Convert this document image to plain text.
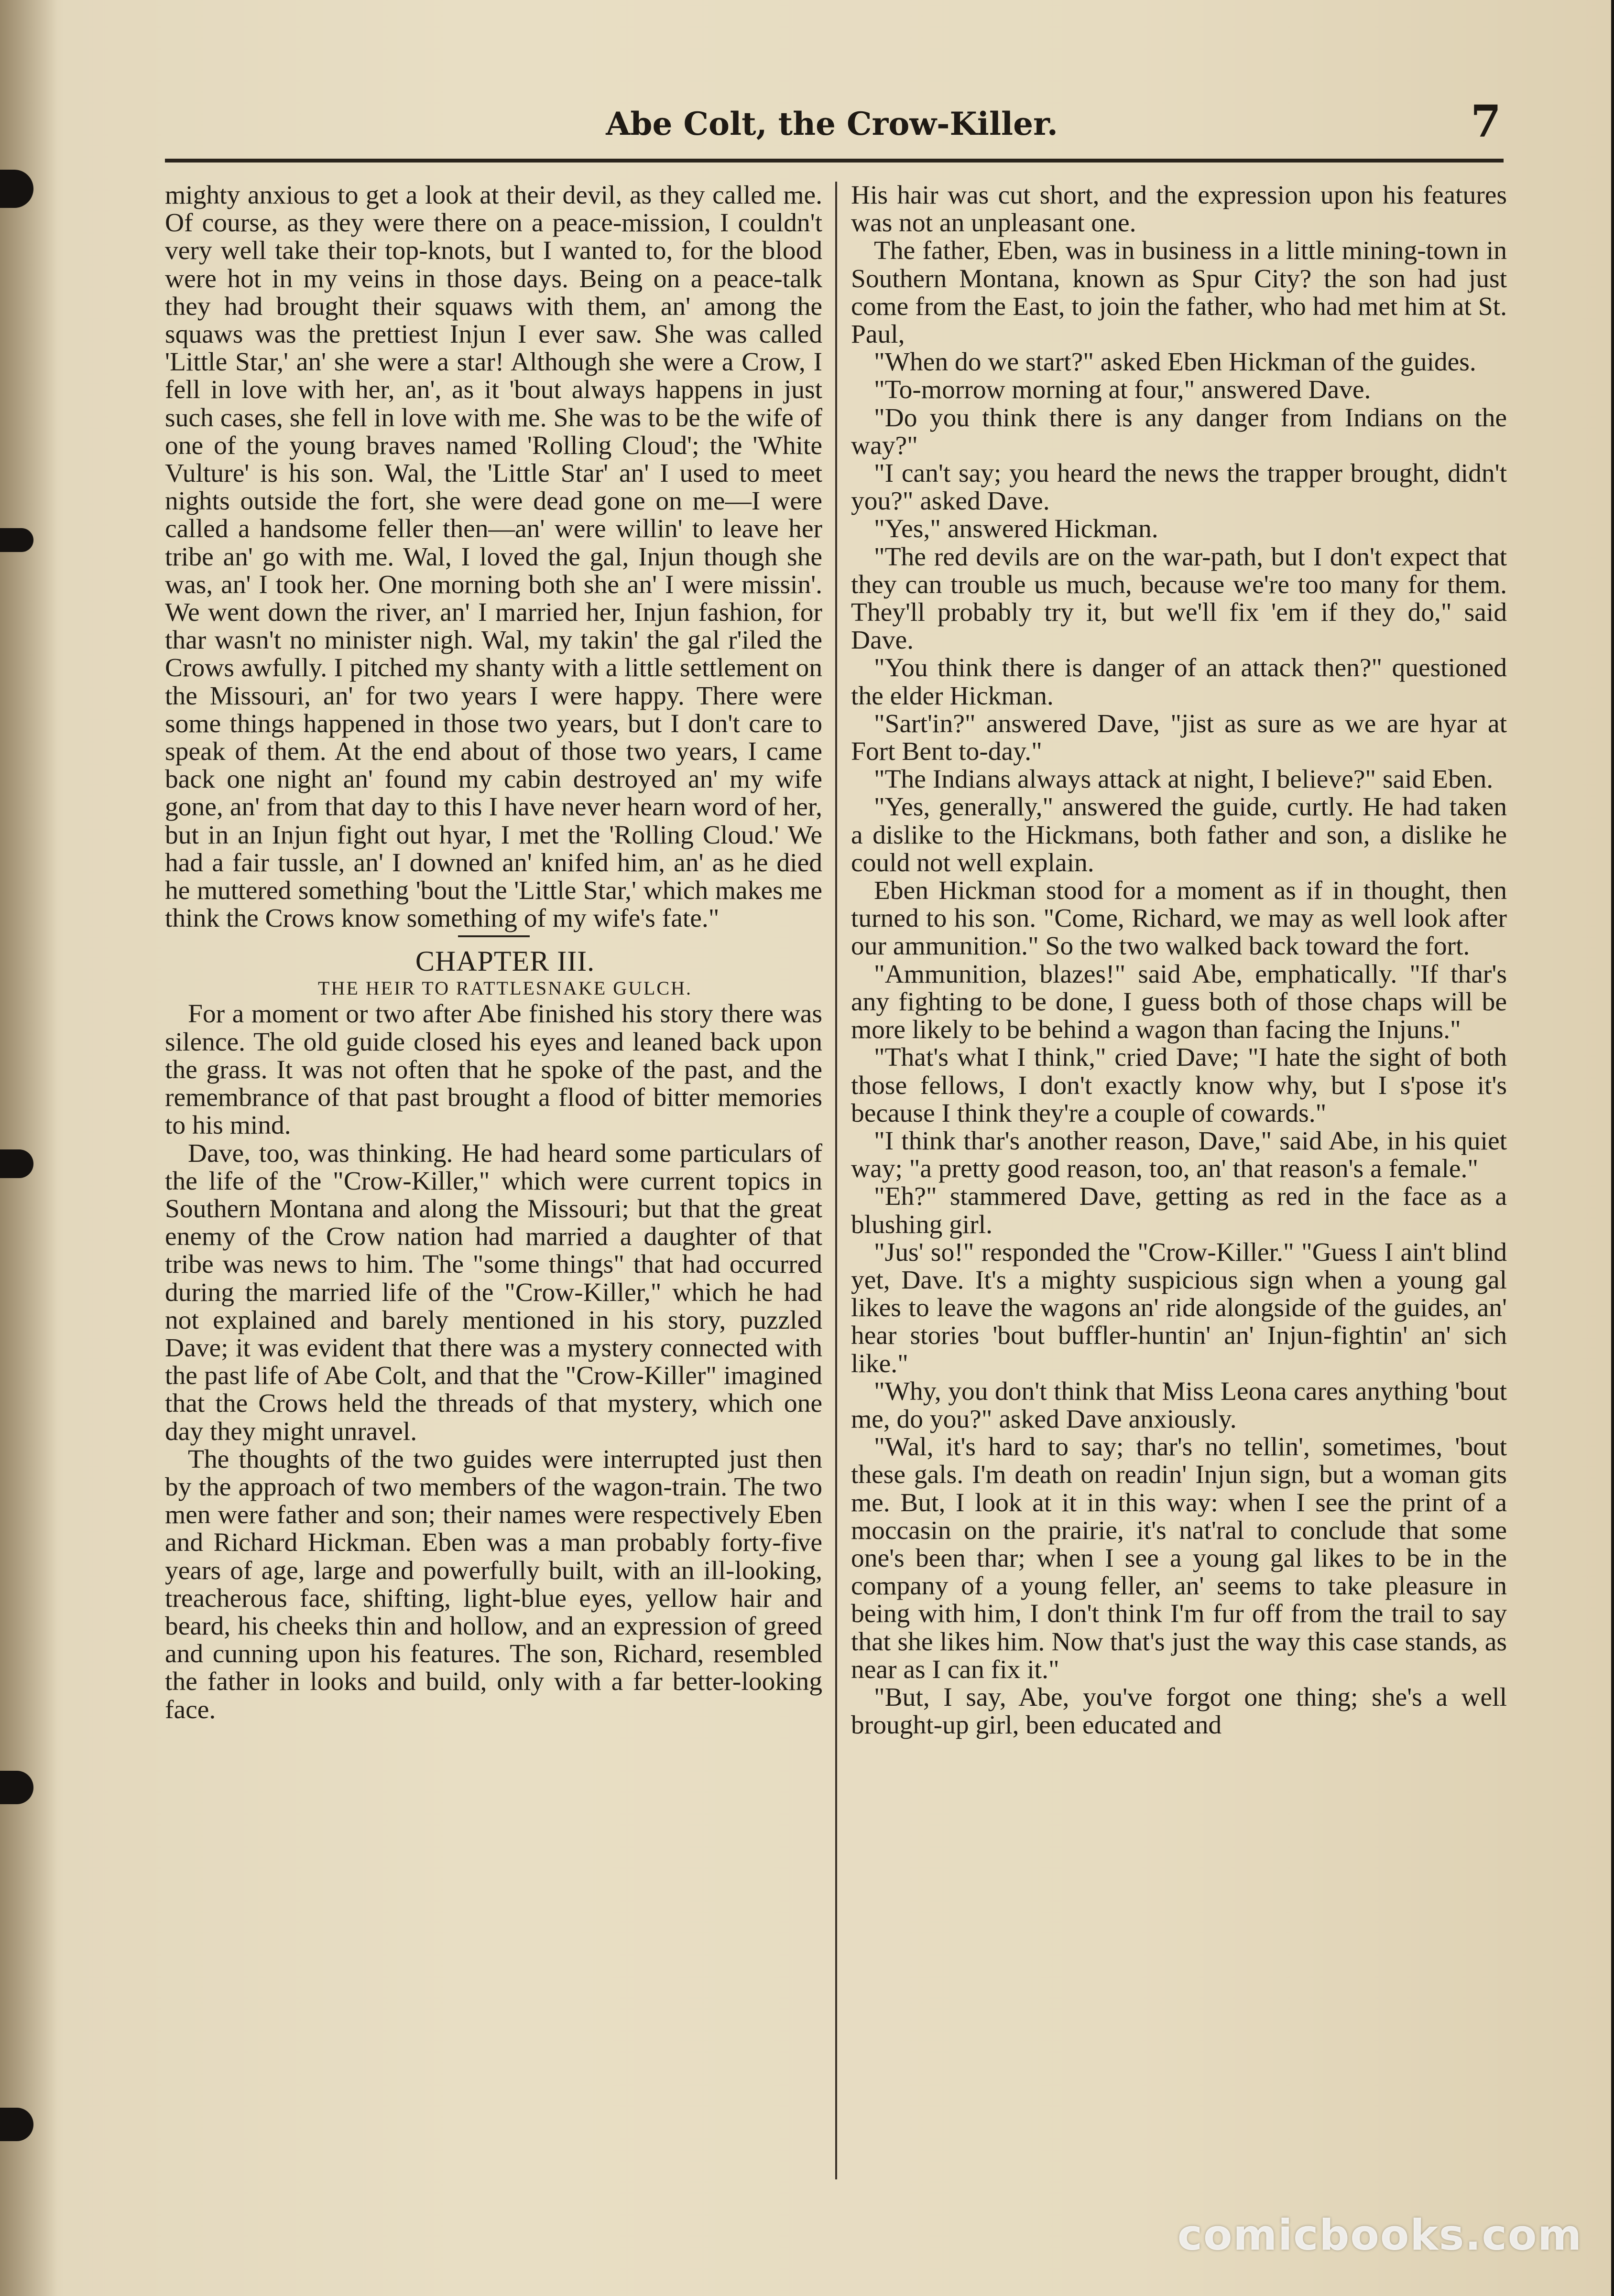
Abe Colt, the Crow-Killer.	7

mighty anxious to get a look at their devil, as they called me. Of course, as they were there on a peace-mission, I couldn't very well take their top-knots, but I wanted to, for the blood were hot in my veins in those days. Being on a peace-talk they had brought their squaws with them, an' among the squaws was the prettiest Injun I ever saw. She was called 'Little Star,' an' she were a star! Although she were a Crow, I fell in love with her, an', as it 'bout always happens in just such cases, she fell in love with me. She was to be the wife of one of the young braves named 'Rolling Cloud'; the 'White Vulture' is his son. Wal, the 'Little Star' an' I used to meet nights outside the fort, she were dead gone on me—I were called a handsome feller then—an' were willin' to leave her tribe an' go with me. Wal, I loved the gal, Injun though she was, an' I took her. One morning both she an' I were missin'. We went down the river, an' I married her, Injun fashion, for thar wasn't no minister nigh. Wal, my takin' the gal r'iled the Crows awfully. I pitched my shanty with a little settlement on the Missouri, an' for two years I were happy. There were some things happened in those two years, but I don't care to speak of them. At the end about of those two years, I came back one night an' found my cabin destroyed an' my wife gone, an' from that day to this I have never hearn word of her, but in an Injun fight out hyar, I met the 'Rolling Cloud.' We had a fair tussle, an' I downed an' knifed him, an' as he died he muttered something 'bout the 'Little Star,' which makes me think the Crows know something of my wife's fate."

CHAPTER III.

THE HEIR TO RATTLESNAKE GULCH.

For a moment or two after Abe finished his story there was silence. The old guide closed his eyes and leaned back upon the grass. It was not often that he spoke of the past, and the remembrance of that past brought a flood of bitter memories to his mind.

Dave, too, was thinking. He had heard some particulars of the life of the "Crow-Killer," which were current topics in Southern Montana and along the Missouri; but that the great enemy of the Crow nation had married a daughter of that tribe was news to him. The "some things" that had occurred during the married life of the "Crow-Killer," which he had not explained and barely mentioned in his story, puzzled Dave; it was evident that there was a mystery connected with the past life of Abe Colt, and that the "Crow-Killer" imagined that the Crows held the threads of that mystery, which one day they might unravel.

The thoughts of the two guides were interrupted just then by the approach of two members of the wagon-train. The two men were father and son; their names were respectively Eben and Richard Hickman. Eben was a man probably forty-five years of age, large and powerfully built, with an ill-looking, treacherous face, shifting, light-blue eyes, yellow hair and beard, his cheeks thin and hollow, and an expression of greed and cunning upon his features. The son, Richard, resembled the father in looks and build, only with a far better-looking face.

His hair was cut short, and the expression upon his features was not an unpleasant one.

The father, Eben, was in business in a little mining-town in Southern Montana, known as Spur City? the son had just come from the East, to join the father, who had met him at St. Paul,

"When do we start?" asked Eben Hickman of the guides.

"To-morrow morning at four," answered Dave.

"Do you think there is any danger from Indians on the way?"

"I can't say; you heard the news the trapper brought, didn't you?" asked Dave.

"Yes," answered Hickman.

"The red devils are on the war-path, but I don't expect that they can trouble us much, because we're too many for them. They'll probably try it, but we'll fix 'em if they do," said Dave.

"You think there is danger of an attack then?" questioned the elder Hickman.

"Sart'in?" answered Dave, "jist as sure as we are hyar at Fort Bent to-day."

"The Indians always attack at night, I believe?" said Eben.

"Yes, generally," answered the guide, curtly. He had taken a dislike to the Hickmans, both father and son, a dislike he could not well explain.

Eben Hickman stood for a moment as if in thought, then turned to his son. "Come, Richard, we may as well look after our ammunition." So the two walked back toward the fort.

"Ammunition, blazes!" said Abe, emphatically. "If thar's any fighting to be done, I guess both of those chaps will be more likely to be behind a wagon than facing the Injuns."

"That's what I think," cried Dave; "I hate the sight of both those fellows, I don't exactly know why, but I s'pose it's because I think they're a couple of cowards."

"I think thar's another reason, Dave," said Abe, in his quiet way; "a pretty good reason, too, an' that reason's a female."

"Eh?" stammered Dave, getting as red in the face as a blushing girl.

"Jus' so!" responded the "Crow-Killer." "Guess I ain't blind yet, Dave. It's a mighty suspicious sign when a young gal likes to leave the wagons an' ride alongside of the guides, an' hear stories 'bout buffler-huntin' an' Injun-fightin' an' sich like."

"Why, you don't think that Miss Leona cares anything 'bout me, do you?" asked Dave anxiously.

"Wal, it's hard to say; thar's no tellin', sometimes, 'bout these gals. I'm death on readin' Injun sign, but a woman gits me. But, I look at it in this way: when I see the print of a moccasin on the prairie, it's nat'ral to conclude that some one's been thar; when I see a young gal likes to be in the company of a young feller, an' seems to take pleasure in being with him, I don't think I'm fur off from the trail to say that she likes him. Now that's just the way this case stands, as near as I can fix it."

"But, I say, Abe, you've forgot one thing; she's a well brought-up girl, been educated and

comicbooks.com
